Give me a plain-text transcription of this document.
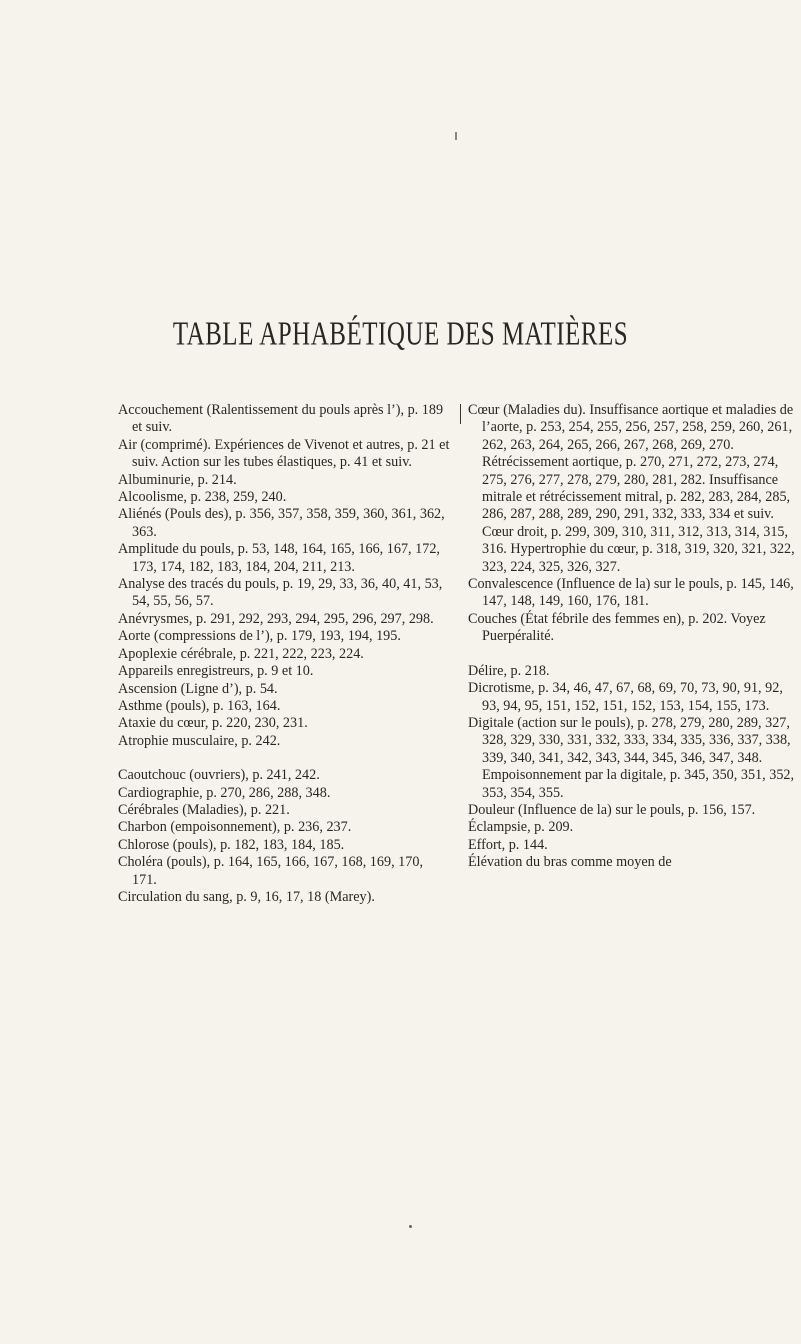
TABLE APHABÉTIQUE DES MATIÈRES

Accouchement (Ralentissement du pouls après l’), p. 189 et suiv.

Air (comprimé). Expériences de Vivenot et autres, p. 21 et suiv. Action sur les tubes élastiques, p. 41 et suiv.

Albuminurie, p. 214.

Alcoolisme, p. 238, 259, 240.

Aliénés (Pouls des), p. 356, 357, 358, 359, 360, 361, 362, 363.

Amplitude du pouls, p. 53, 148, 164, 165, 166, 167, 172, 173, 174, 182, 183, 184, 204, 211, 213.

Analyse des tracés du pouls, p. 19, 29, 33, 36, 40, 41, 53, 54, 55, 56, 57.

Anévrysmes, p. 291, 292, 293, 294, 295, 296, 297, 298.

Aorte (compressions de l’), p. 179, 193, 194, 195.

Apoplexie cérébrale, p. 221, 222, 223, 224.

Appareils enregistreurs, p. 9 et 10.

Ascension (Ligne d’), p. 54.

Asthme (pouls), p. 163, 164.

Ataxie du cœur, p. 220, 230, 231.

Atrophie musculaire, p. 242.

Caoutchouc (ouvriers), p. 241, 242.

Cardiographie, p. 270, 286, 288, 348.

Cérébrales (Maladies), p. 221.

Charbon (empoisonnement), p. 236, 237.

Chlorose (pouls), p. 182, 183, 184, 185.

Choléra (pouls), p. 164, 165, 166, 167, 168, 169, 170, 171.

Circulation du sang, p. 9, 16, 17, 18 (Marey).

Cœur (Maladies du). Insuffisance aortique et maladies de l’aorte, p. 253, 254, 255, 256, 257, 258, 259, 260, 261, 262, 263, 264, 265, 266, 267, 268, 269, 270. Rétrécissement aortique, p. 270, 271, 272, 273, 274, 275, 276, 277, 278, 279, 280, 281, 282. Insuffisance mitrale et rétrécissement mitral, p. 282, 283, 284, 285, 286, 287, 288, 289, 290, 291, 332, 333, 334 et suiv. Cœur droit, p. 299, 309, 310, 311, 312, 313, 314, 315, 316. Hypertrophie du cœur, p. 318, 319, 320, 321, 322, 323, 224, 325, 326, 327.

Convalescence (Influence de la) sur le pouls, p. 145, 146, 147, 148, 149, 160, 176, 181.

Couches (État fébrile des femmes en), p. 202. Voyez Puerpéralité.

Délire, p. 218.

Dicrotisme, p. 34, 46, 47, 67, 68, 69, 70, 73, 90, 91, 92, 93, 94, 95, 151, 152, 151, 152, 153, 154, 155, 173.

Digitale (action sur le pouls), p. 278, 279, 280, 289, 327, 328, 329, 330, 331, 332, 333, 334, 335, 336, 337, 338, 339, 340, 341, 342, 343, 344, 345, 346, 347, 348. Empoisonnement par la digitale, p. 345, 350, 351, 352, 353, 354, 355.

Douleur (Influence de la) sur le pouls, p. 156, 157.

Éclampsie, p. 209.

Effort, p. 144.

Élévation du bras comme moyen de
